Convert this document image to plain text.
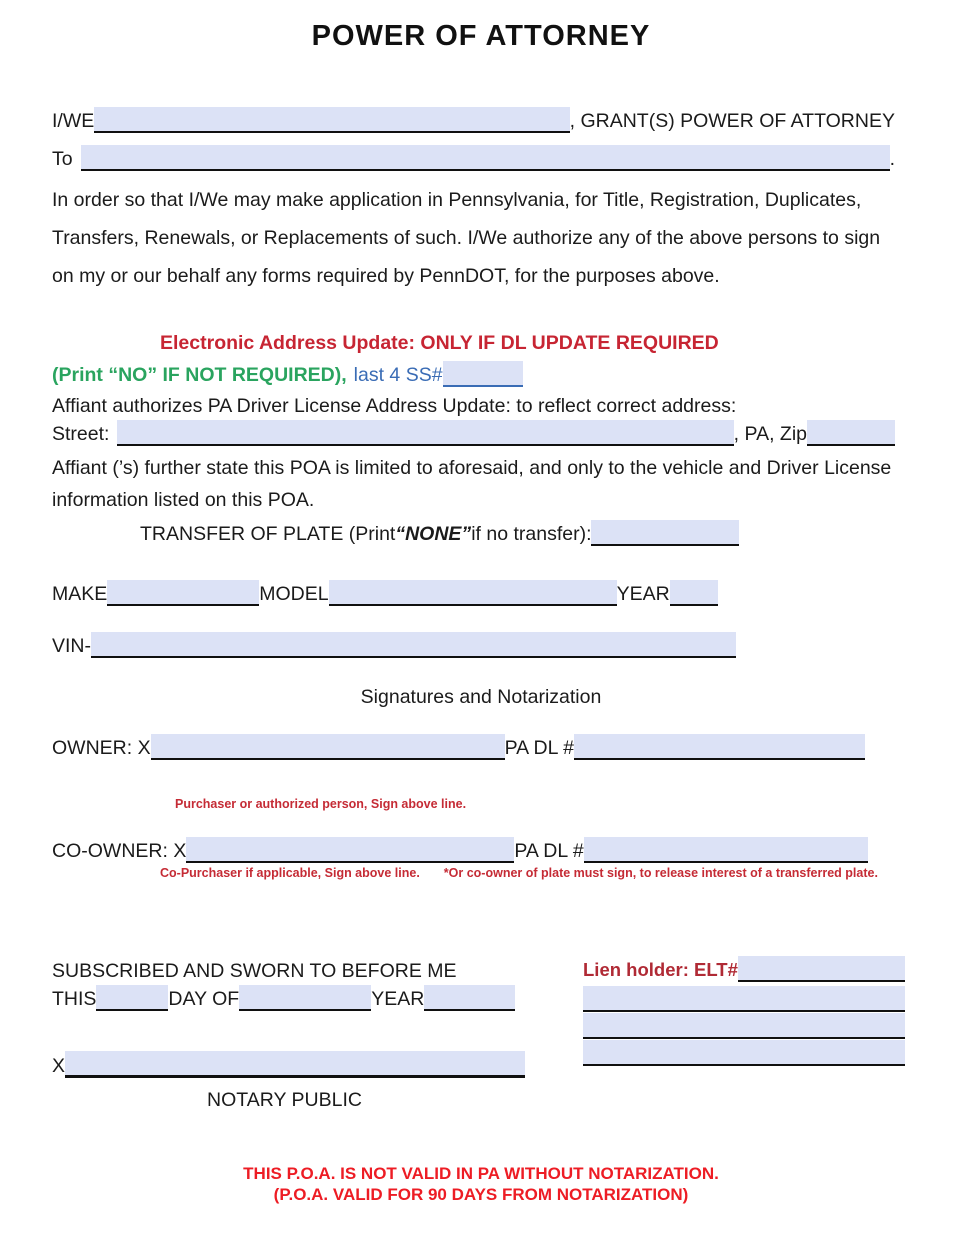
POWER OF ATTORNEY
I/WE	, GRANT(S) POWER OF ATTORNEY
To	.

In order so that I/We may make application in Pennsylvania, for Title, Registration, Duplicates, Transfers, Renewals, or Replacements of such. I/We authorize any of the above persons to sign on my or our behalf any forms required by PennDOT, for the purposes above.

Electronic Address Update: ONLY IF DL UPDATE REQUIRED
(Print “NO” IF NOT REQUIRED), last 4 SS#
Affiant authorizes PA Driver License Address Update: to reflect correct address:
Street:	, PA, Zip

Affiant (’s) further state this POA is limited to aforesaid, and only to the vehicle and Driver License information listed on this POA.

TRANSFER OF PLATE (Print “NONE” if no transfer):
MAKE	MODEL	YEAR
VIN-
Signatures and Notarization
OWNER: X	PA DL #
Purchaser or authorized person, Sign above line.
CO-OWNER: X	PA DL #
Co-Purchaser if applicable, Sign above line. *Or co-owner of plate must sign, to release interest of a transferred plate.
SUBSCRIBED AND SWORN TO BEFORE ME
THIS	DAY OF	YEAR
Lien holder: ELT#
X
NOTARY PUBLIC
THIS P.O.A. IS NOT VALID IN PA WITHOUT NOTARIZATION.
(P.O.A. VALID FOR 90 DAYS FROM NOTARIZATION)
